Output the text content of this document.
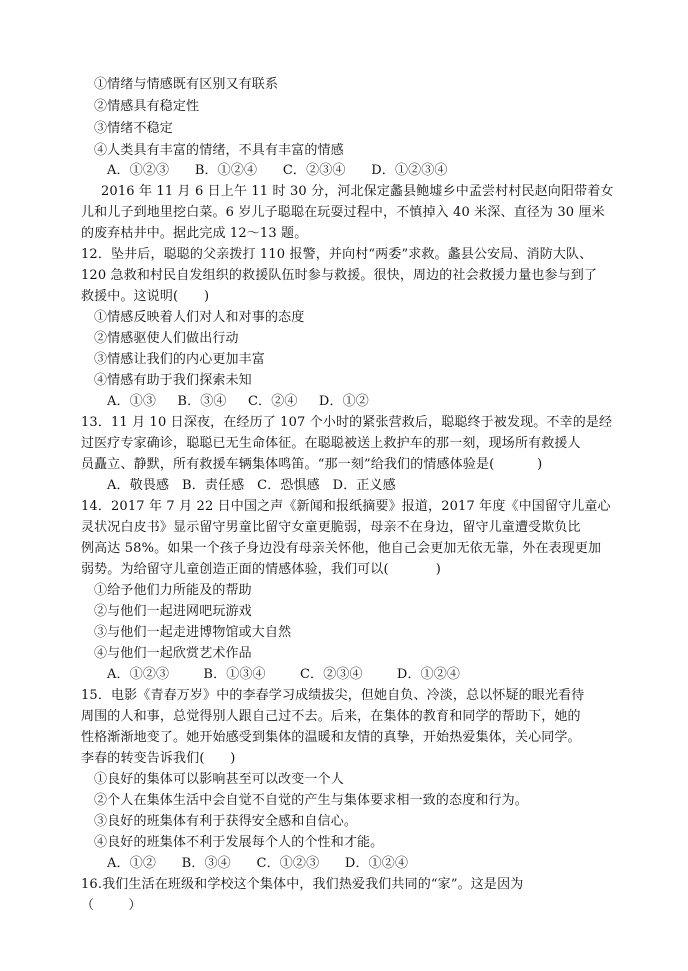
①情绪与情感既有区别又有联系
②情感具有稳定性
③情绪不稳定
④人类具有丰富的情绪，不具有丰富的情感
A．①②③      B．①②④      C．②③④      D．①②③④
2016 年 11 月 6 日上午 11 时 30 分，河北保定蠡县鲍墟乡中孟尝村村民赵向阳带着女
儿和儿子到地里挖白菜。6 岁儿子聪聪在玩耍过程中，不慎掉入 40 米深、直径为 30 厘米
的废弃枯井中。据此完成 12～13 题。
12．坠井后，聪聪的父亲拨打 110 报警，并向村“两委”求救。蠡县公安局、消防大队、
120 急救和村民自发组织的救援队伍时参与救援。很快，周边的社会救援力量也参与到了
救援中。这说明(      )
①情感反映着人们对人和对事的态度
②情感驱使人们做出行动
③情感让我们的内心更加丰富
④情感有助于我们探索未知
A．①③     B．③④     C．②④     D．①②
13．11 月 10 日深夜，在经历了 107 个小时的紧张营救后，聪聪终于被发现。不幸的是经
过医疗专家确诊，聪聪已无生命体征。在聪聪被送上救护车的那一刻，现场所有救援人
员矗立、静默，所有救援车辆集体鸣笛。“那一刻”给我们的情感体验是(          )
A．敬畏感   B．责任感   C．恐惧感   D．正义感
14．2017 年 7 月 22 日中国之声《新闻和报纸摘要》报道，2017 年度《中国留守儿童心
灵状况白皮书》显示留守男童比留守女童更脆弱，母亲不在身边，留守儿童遭受欺负比
例高达 58%。如果一个孩子身边没有母亲关怀他，他自己会更加无依无靠，外在表现更加
弱势。为给留守儿童创造正面的情感体验，我们可以(           )
①给予他们力所能及的帮助
②与他们一起进网吧玩游戏
③与他们一起走进博物馆或大自然
④与他们一起欣赏艺术作品
A．①②③        B．①③④        C．②③④        D．①②④
15．电影《青春万岁》中的李春学习成绩拔尖，但她自负、冷淡，总以怀疑的眼光看待
周围的人和事，总觉得别人跟自己过不去。后来，在集体的教育和同学的帮助下，她的
性格渐渐地变了。她开始感受到集体的温暖和友情的真挚，开始热爱集体，关心同学。
李春的转变告诉我们(      )
①良好的集体可以影响甚至可以改变一个人
②个人在集体生活中会自觉不自觉的产生与集体要求相一致的态度和行为。
③良好的班集体有利于获得安全感和自信心。
④良好的班集体不利于发展每个人的个性和才能。
A．①②      B．③④      C．①②③      D．①②④
16.我们生活在班级和学校这个集体中，我们热爱我们共同的“家”。这是因为
（        ）
